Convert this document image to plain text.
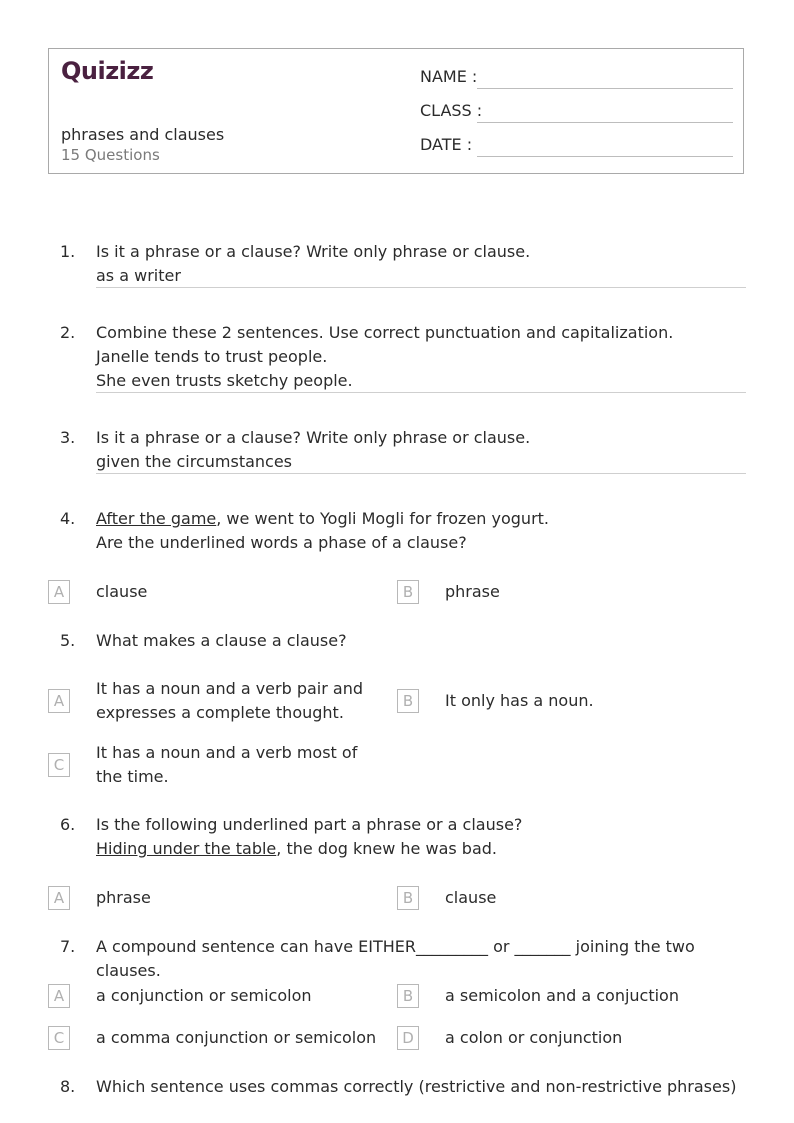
Quizizz
phrases and clauses
15 Questions
NAME :
CLASS :
DATE :
1.	Is it a phrase or a clause? Write only phrase or clause.
as a writer
2.	Combine these 2 sentences. Use correct punctuation and capitalization.
Janelle tends to trust people.
She even trusts sketchy people.
3.	Is it a phrase or a clause? Write only phrase or clause.
given the circumstances
4.	After the game, we went to Yogli Mogli for frozen yogurt.
Are the underlined words a phase of a clause?
A	clause	B	phrase
5.	What makes a clause a clause?
A
It has a noun and a verb pair and expresses a complete thought.
B	It only has a noun.
C
It has a noun and a verb most of the time.
6.	Is the following underlined part a phrase or a clause?
Hiding under the table, the dog knew he was bad.
A	phrase	B	clause
7.	A compound sentence can have EITHER_________ or _______ joining the two clauses.
A	a conjunction or semicolon	B	a semicolon and a conjuction
C	a comma conjunction or semicolon	D	a colon or conjunction
8.	Which sentence uses commas correctly (restrictive and non-restrictive phrases)
